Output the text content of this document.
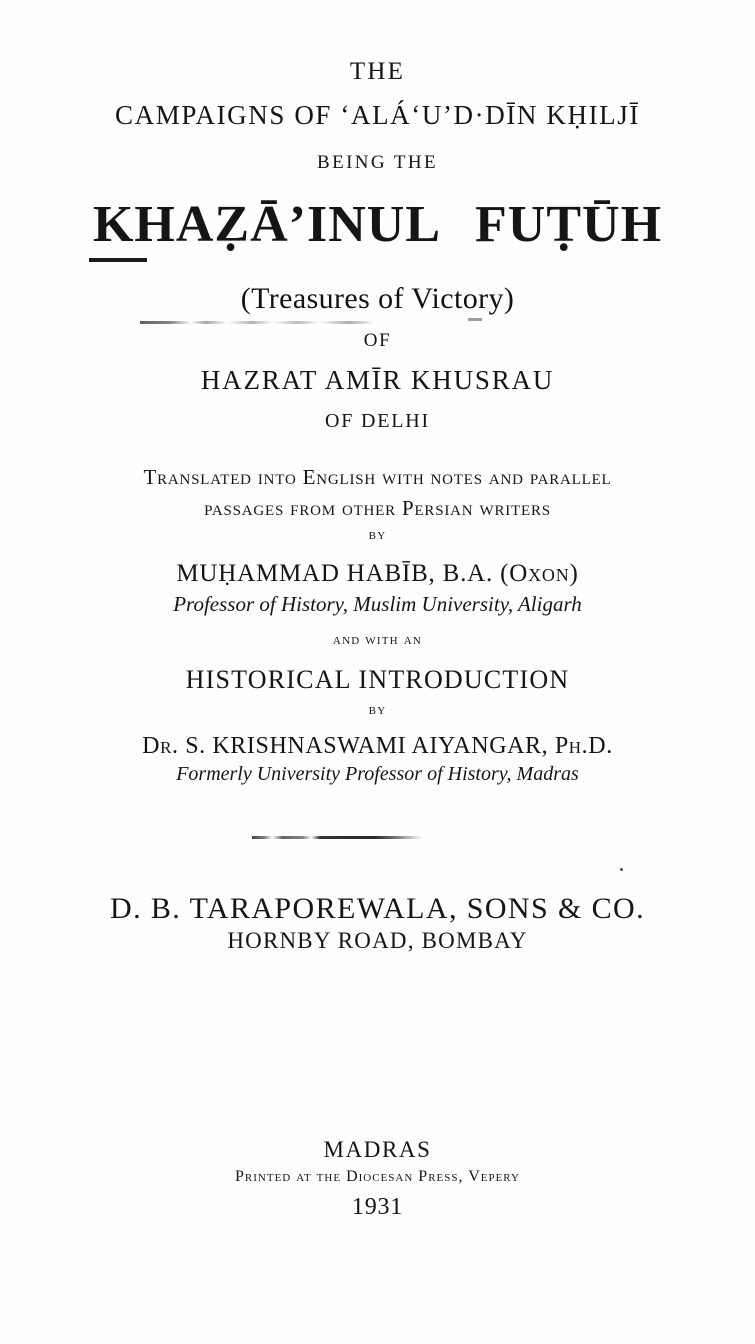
THE
CAMPAIGNS OF ‘ALÁ‘U’D·DĪN KḤILJĪ
BEING THE
KHAẒĀ’INUL FUṬŪH
(Treasures of Victory)
OF
HAZRAT AMĪR KHUSRAU
OF DELHI
Translated into English with notes and parallel
passages from other Persian writers
by
MUḤAMMAD HABĪB, B.A. (Oxon)
Professor of History, Muslim University, Aligarh
and with an
HISTORICAL INTRODUCTION
by
Dr. S. KRISHNASWAMI AIYANGAR, Ph.D.
Formerly University Professor of History, Madras
D. B. TARAPOREWALA, SONS & CO.
HORNBY ROAD, BOMBAY
MADRAS
Printed at the Diocesan Press, Vepery
1931
